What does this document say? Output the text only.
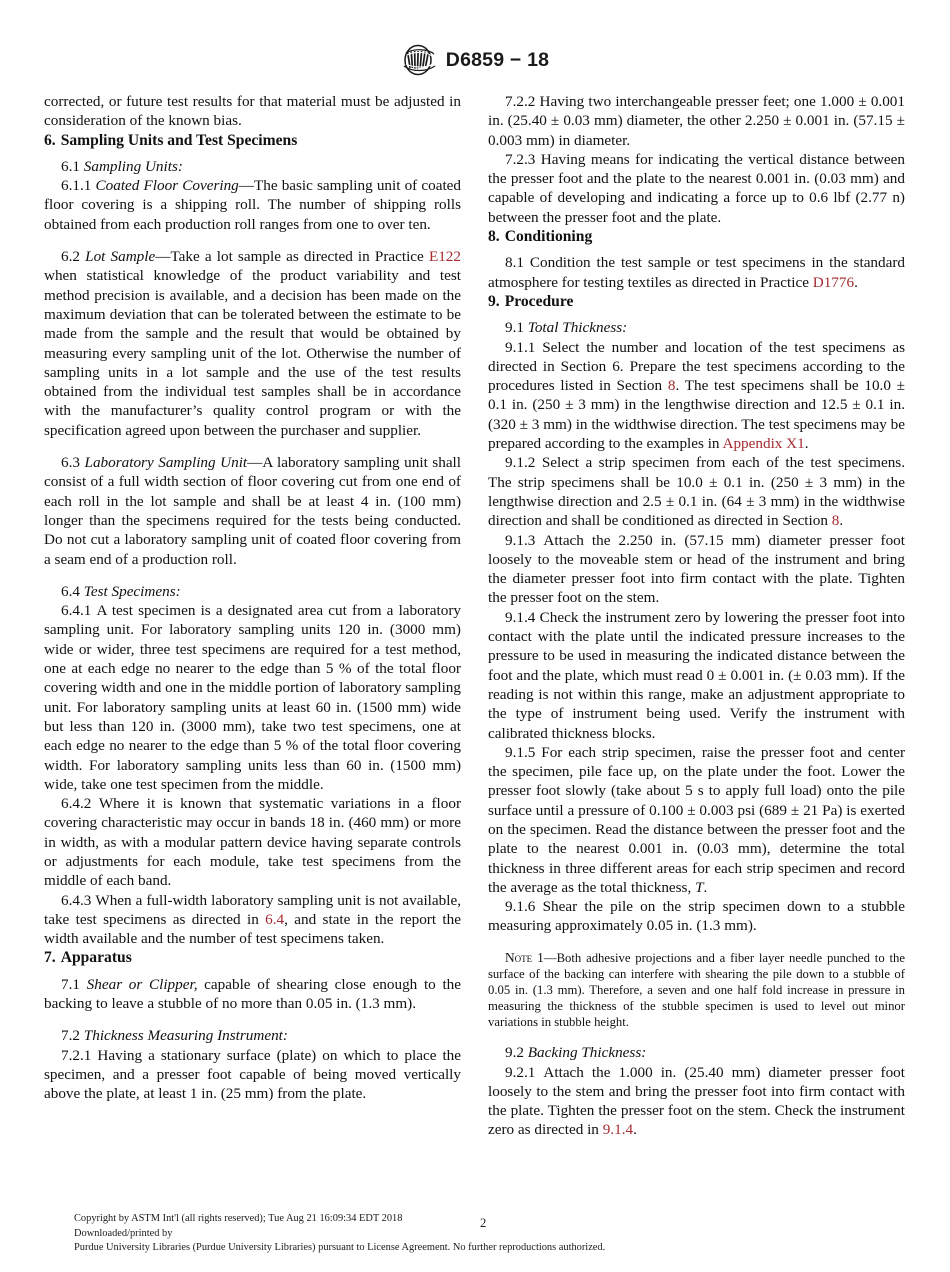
D6859 − 18

corrected, or future test results for that material must be adjusted in consideration of the known bias.

6. Sampling Units and Test Specimens

6.1 Sampling Units:

6.1.1 Coated Floor Covering—The basic sampling unit of coated floor covering is a shipping roll. The number of shipping rolls obtained from each production roll ranges from one to over ten.

6.2 Lot Sample—Take a lot sample as directed in Practice E122 when statistical knowledge of the product variability and test method precision is available, and a decision has been made on the maximum deviation that can be tolerated between the estimate to be made from the sample and the result that would be obtained by measuring every sampling unit of the lot. Otherwise the number of sampling units in a lot sample and the use of the test results obtained from the individual test samples shall be in accordance with the manufacturer’s quality control program or with the specification agreed upon between the purchaser and supplier.

6.3 Laboratory Sampling Unit—A laboratory sampling unit shall consist of a full width section of floor covering cut from one end of each roll in the lot sample and shall be at least 4 in. (100 mm) longer than the specimens required for the tests being conducted. Do not cut a laboratory sampling unit of coated floor covering from a seam end of a production roll.

6.4 Test Specimens:

6.4.1 A test specimen is a designated area cut from a laboratory sampling unit. For laboratory sampling units 120 in. (3000 mm) wide or wider, three test specimens are required for a test method, one at each edge no nearer to the edge than 5 % of the total floor covering width and one in the middle portion of laboratory sampling unit. For laboratory sampling units at least 60 in. (1500 mm) wide but less than 120 in. (3000 mm), take two test specimens, one at each edge no nearer to the edge than 5 % of the total floor covering width. For laboratory sampling units less than 60 in. (1500 mm) wide, take one test specimen from the middle.

6.4.2 Where it is known that systematic variations in a floor covering characteristic may occur in bands 18 in. (460 mm) or more in width, as with a modular pattern device having separate controls or adjustments for each module, take test specimens from the middle of each band.

6.4.3 When a full-width laboratory sampling unit is not available, take test specimens as directed in 6.4, and state in the report the width available and the number of test specimens taken.

7. Apparatus

7.1 Shear or Clipper, capable of shearing close enough to the backing to leave a stubble of no more than 0.05 in. (1.3 mm).

7.2 Thickness Measuring Instrument:

7.2.1 Having a stationary surface (plate) on which to place the specimen, and a presser foot capable of being moved vertically above the plate, at least 1 in. (25 mm) from the plate.

7.2.2 Having two interchangeable presser feet; one 1.000 ± 0.001 in. (25.40 ± 0.03 mm) diameter, the other 2.250 ± 0.001 in. (57.15 ± 0.003 mm) in diameter.

7.2.3 Having means for indicating the vertical distance between the presser foot and the plate to the nearest 0.001 in. (0.03 mm) and capable of developing and indicating a force up to 0.6 lbf (2.77 n) between the presser foot and the plate.

8. Conditioning

8.1 Condition the test sample or test specimens in the standard atmosphere for testing textiles as directed in Practice D1776.

9. Procedure

9.1 Total Thickness:

9.1.1 Select the number and location of the test specimens as directed in Section 6. Prepare the test specimens according to the procedures listed in Section 8. The test specimens shall be 10.0 ± 0.1 in. (250 ± 3 mm) in the lengthwise direction and 12.5 ± 0.1 in. (320 ± 3 mm) in the widthwise direction. The test specimens may be prepared according to the examples in Appendix X1.

9.1.2 Select a strip specimen from each of the test specimens. The strip specimens shall be 10.0 ± 0.1 in. (250 ± 3 mm) in the lengthwise direction and 2.5 ± 0.1 in. (64 ± 3 mm) in the widthwise direction and shall be conditioned as directed in Section 8.

9.1.3 Attach the 2.250 in. (57.15 mm) diameter presser foot loosely to the moveable stem or head of the instrument and bring the diameter presser foot into firm contact with the plate. Tighten the presser foot on the stem.

9.1.4 Check the instrument zero by lowering the presser foot into contact with the plate until the indicated pressure increases to the pressure to be used in measuring the indicated distance between the foot and the plate, which must read 0 ± 0.001 in. (± 0.03 mm). If the reading is not within this range, make an adjustment appropriate to the type of instrument being used. Verify the instrument with calibrated thickness blocks.

9.1.5 For each strip specimen, raise the presser foot and center the specimen, pile face up, on the plate under the foot. Lower the presser foot slowly (take about 5 s to apply full load) onto the pile surface until a pressure of 0.100 ± 0.003 psi (689 ± 21 Pa) is exerted on the specimen. Read the distance between the presser foot and the plate to the nearest 0.001 in. (0.03 mm), determine the total thickness in three different areas for each strip specimen and record the average as the total thickness, T.

9.1.6 Shear the pile on the strip specimen down to a stubble measuring approximately 0.05 in. (1.3 mm).

Note 1—Both adhesive projections and a fiber layer needle punched to the surface of the backing can interfere with shearing the pile down to a stubble of 0.05 in. (1.3 mm). Therefore, a seven and one half fold increase in pressure in measuring the thickness of the stubble specimen is used to level out minor variations in stubble height.

9.2 Backing Thickness:

9.2.1 Attach the 1.000 in. (25.40 mm) diameter presser foot loosely to the stem and bring the presser foot into firm contact with the plate. Tighten the presser foot on the stem. Check the instrument zero as directed in 9.1.4.

Copyright by ASTM Int'l (all rights reserved); Tue Aug 21 16:09:34 EDT 2018
Downloaded/printed by
Purdue University Libraries (Purdue University Libraries) pursuant to License Agreement. No further reproductions authorized.
2
